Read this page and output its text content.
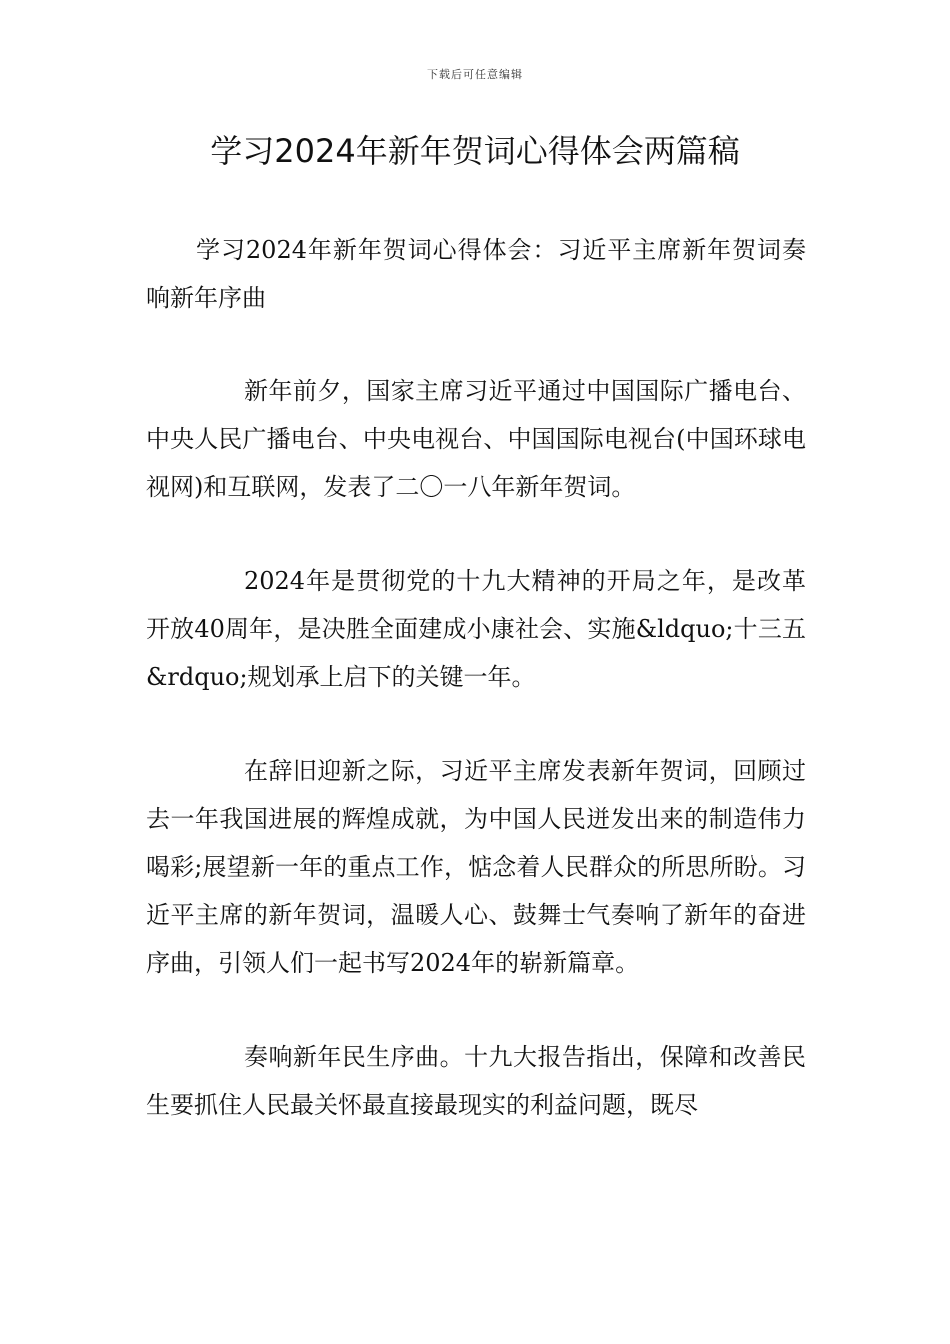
下载后可任意编辑
学习2024年新年贺词心得体会两篇稿

学习2024年新年贺词心得体会：习近平主席新年贺词奏响新年序曲

新年前夕，国家主席习近平通过中国国际广播电台、中央人民广播电台、中央电视台、中国国际电视台(中国环球电视网)和互联网，发表了二〇一八年新年贺词。

2024年是贯彻党的十九大精神的开局之年，是改革开放40周年，是决胜全面建成小康社会、实施&ldquo;十三五&rdquo;规划承上启下的关键一年。

在辞旧迎新之际，习近平主席发表新年贺词，回顾过去一年我国进展的辉煌成就，为中国人民迸发出来的制造伟力喝彩;展望新一年的重点工作，惦念着人民群众的所思所盼。习近平主席的新年贺词，温暖人心、鼓舞士气奏响了新年的奋进序曲，引领人们一起书写2024年的崭新篇章。

奏响新年民生序曲。十九大报告指出，保障和改善民生要抓住人民最关怀最直接最现实的利益问题，既尽
